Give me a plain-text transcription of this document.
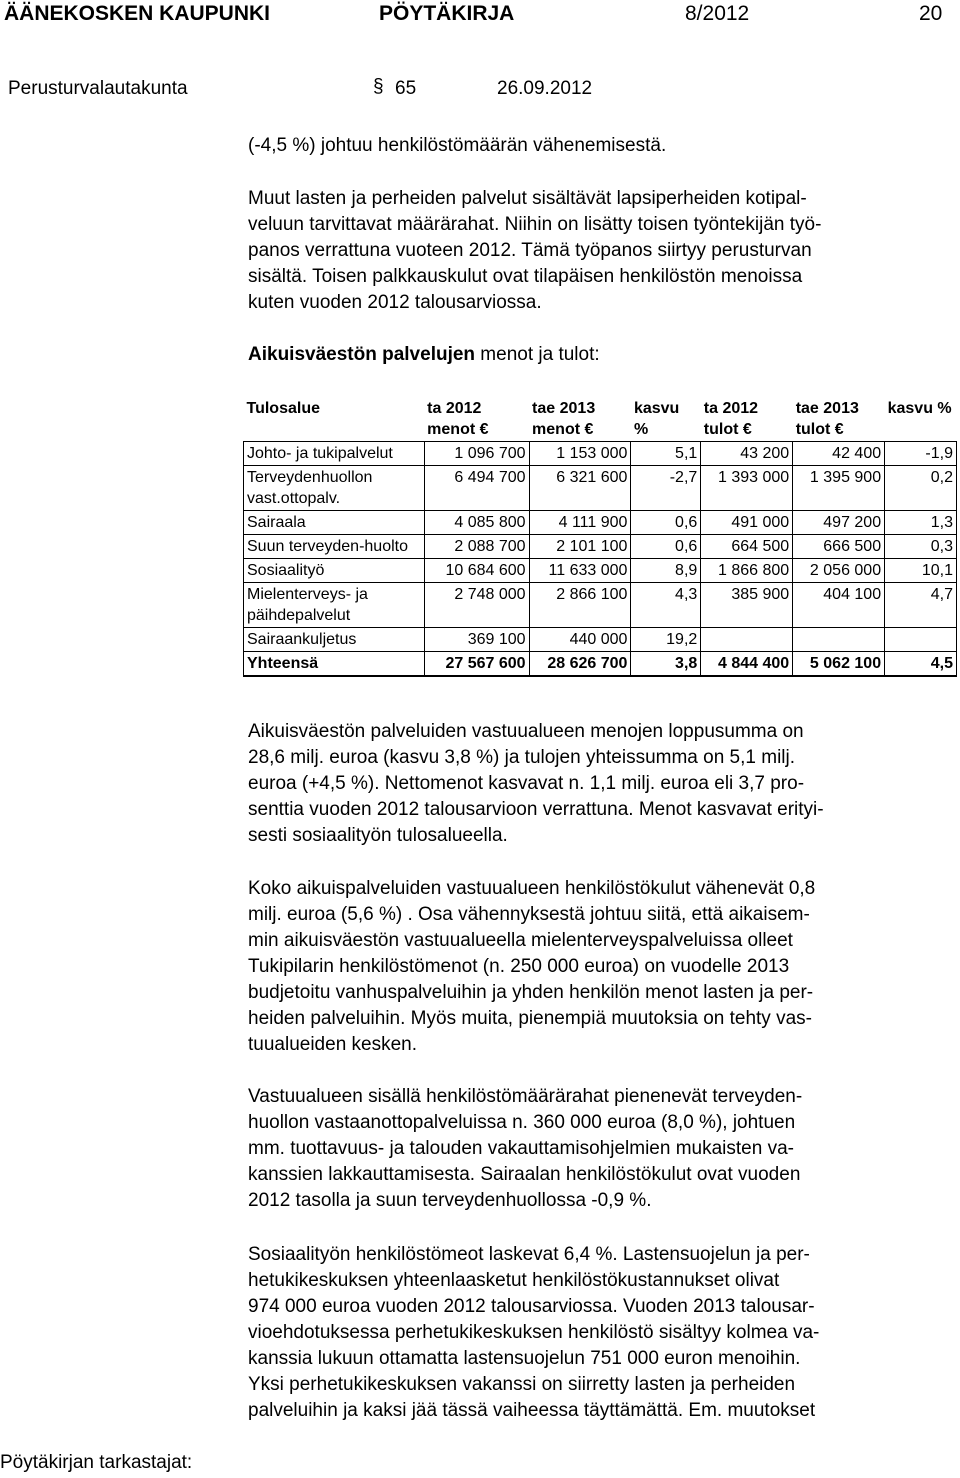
ÄÄNEKOSKEN KAUPUNKI	PÖYTÄKIRJA	8/2012	20
Perusturvalautakunta	§ 65	26.09.2012
(-4,5 %) johtuu henkilöstömäärän vähenemisestä.
Muut lasten ja perheiden palvelut sisältävät lapsiperheiden kotipal-
veluun tarvittavat määrärahat. Niihin on lisätty toisen työntekijän työ-
panos verrattuna vuoteen 2012. Tämä työpanos siirtyy perusturvan
sisältä. Toisen palkkauskulut ovat tilapäisen henkilöstön menoissa
kuten vuoden 2012 talousarviossa.
Aikuisväestön palvelujen menot ja tulot:
Tulosalue	ta 2012 menot €	tae 2013 menot €	kasvu %	ta 2012 tulot €	tae 2013 tulot €	kasvu %
Johto- ja tukipalvelut	1 096 700	1 153 000	5,1	43 200	42 400	-1,9
Terveydenhuollon vast.ottopalv.	6 494 700	6 321 600	-2,7	1 393 000	1 395 900	0,2
Sairaala	4 085 800	4 111 900	0,6	491 000	497 200	1,3
Suun terveyden-huolto	2 088 700	2 101 100	0,6	664 500	666 500	0,3
Sosiaalityö	10 684 600	11 633 000	8,9	1 866 800	2 056 000	10,1
Mielenterveys- ja päihdepalvelut	2 748 000	2 866 100	4,3	385 900	404 100	4,7
Sairaankuljetus	369 100	440 000	19,2			
Yhteensä	27 567 600	28 626 700	3,8	4 844 400	5 062 100	4,5
Aikuisväestön palveluiden vastuualueen menojen loppusumma on
28,6 milj. euroa (kasvu 3,8 %) ja tulojen yhteissumma on 5,1 milj.
euroa (+4,5 %). Nettomenot kasvavat n. 1,1 milj. euroa eli 3,7 pro-
senttia vuoden 2012 talousarvioon verrattuna. Menot kasvavat erityi-
sesti sosiaalityön tulosalueella.
Koko aikuispalveluiden vastuualueen henkilöstökulut vähenevät 0,8
milj. euroa (5,6 %) . Osa vähennyksestä johtuu siitä, että aikaisem-
min aikuisväestön vastuualueella mielenterveyspalveluissa olleet
Tukipilarin henkilöstömenot (n. 250 000 euroa) on vuodelle 2013
budjetoitu vanhuspalveluihin ja yhden henkilön menot lasten ja per-
heiden palveluihin. Myös muita, pienempiä muutoksia on tehty vas-
tuualueiden kesken.
Vastuualueen sisällä henkilöstömäärärahat pienenevät terveyden-
huollon vastaanottopalveluissa n. 360 000 euroa (8,0 %), johtuen
mm. tuottavuus- ja talouden vakauttamisohjelmien mukaisten va-
kanssien lakkauttamisesta. Sairaalan henkilöstökulut ovat vuoden
2012 tasolla ja suun terveydenhuollossa -0,9 %.
Sosiaalityön henkilöstömeot laskevat 6,4 %. Lastensuojelun ja per-
hetukikeskuksen yhteenlaasketut henkilöstökustannukset olivat
974 000 euroa vuoden 2012 talousarviossa. Vuoden 2013 talousar-
vioehdotuksessa perhetukikeskuksen henkilöstö sisältyy kolmea va-
kanssia lukuun ottamatta lastensuojelun 751 000 euron menoihin.
Yksi perhetukikeskuksen vakanssi on siirretty lasten ja perheiden
palveluihin ja kaksi jää tässä vaiheessa täyttämättä. Em. muutokset
Pöytäkirjan tarkastajat:
